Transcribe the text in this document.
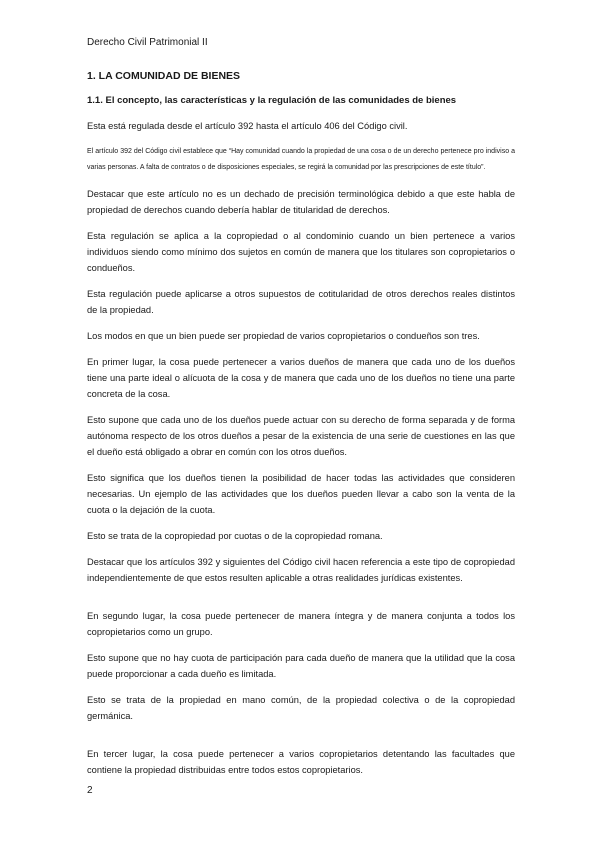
Derecho Civil Patrimonial II
1. LA COMUNIDAD DE BIENES
1.1. El concepto, las características y la regulación de las comunidades de bienes

Esta está regulada desde el artículo 392 hasta el artículo 406 del Código civil.

El artículo 392 del Código civil establece que “Hay comunidad cuando la propiedad de una cosa o de un derecho pertenece pro indiviso a varias personas. A falta de contratos o de disposiciones especiales, se regirá la comunidad por las prescripciones de este título”.

Destacar que este artículo no es un dechado de precisión terminológica debido a que este habla de propiedad de derechos cuando debería hablar de titularidad de derechos.

Esta regulación se aplica a la copropiedad o al condominio cuando un bien pertenece a varios individuos siendo como mínimo dos sujetos en común de manera que los titulares son copropietarios o condueños.

Esta regulación puede aplicarse a otros supuestos de cotitularidad de otros derechos reales distintos de la propiedad.

Los modos en que un bien puede ser propiedad de varios copropietarios o condueños son tres.

En primer lugar, la cosa puede pertenecer a varios dueños de manera que cada uno de los dueños tiene una parte ideal o alícuota de la cosa y de manera que cada uno de los dueños no tiene una parte concreta de la cosa.

Esto supone que cada uno de los dueños puede actuar con su derecho de forma separada y de forma autónoma respecto de los otros dueños a pesar de la existencia de una serie de cuestiones en las que el dueño está obligado a obrar en común con los otros dueños.

Esto significa que los dueños tienen la posibilidad de hacer todas las actividades que consideren necesarias. Un ejemplo de las actividades que los dueños pueden llevar a cabo son la venta de la cuota o la dejación de la cuota.

Esto se trata de la copropiedad por cuotas o de la copropiedad romana.

Destacar que los artículos 392 y siguientes del Código civil hacen referencia a este tipo de copropiedad independientemente de que estos resulten aplicable a otras realidades jurídicas existentes.

En segundo lugar, la cosa puede pertenecer de manera íntegra y de manera conjunta a todos los copropietarios como un grupo.

Esto supone que no hay cuota de participación para cada dueño de manera que la utilidad que la cosa puede proporcionar a cada dueño es limitada.

Esto se trata de la propiedad en mano común, de la propiedad colectiva o de la copropiedad germánica.

En tercer lugar, la cosa puede pertenecer a varios copropietarios detentando las facultades que contiene la propiedad distribuidas entre todos estos copropietarios.

2
